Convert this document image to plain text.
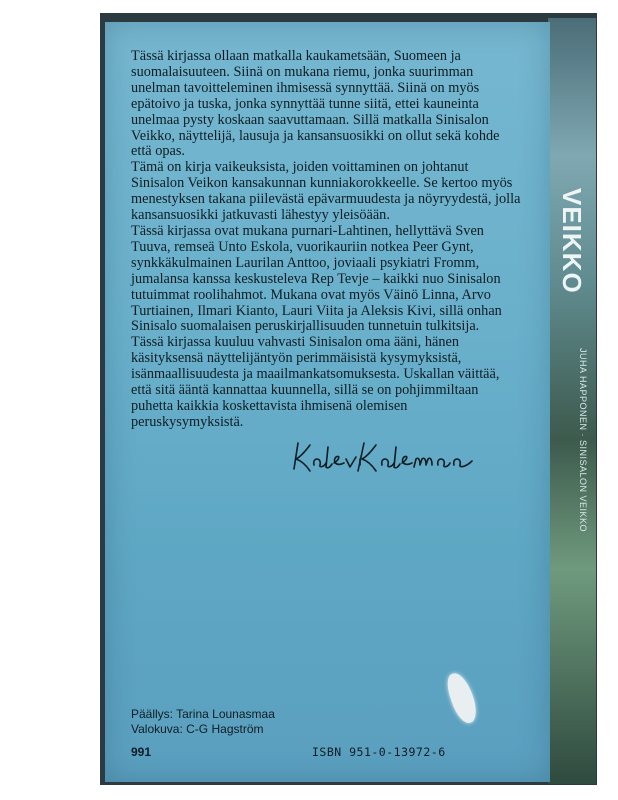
VEIKKO
JUHA HAPPONEN · SINISALON VEIKKO

Tässä kirjassa ollaan matkalla kaukametsään, Suomeen ja suomalaisuuteen. Siinä on mukana riemu, jonka suurimman unelman tavoitteleminen ihmisessä synnyttää. Siinä on myös epätoivo ja tuska, jonka synnyttää tunne siitä, ettei kauneinta unelmaa pysty koskaan saavuttamaan. Sillä matkalla Sinisalon Veikko, näyttelijä, lausuja ja kansansuosikki on ollut sekä kohde että opas.

Tämä on kirja vaikeuksista, joiden voittaminen on johtanut Sinisalon Veikon kansakunnan kunniakorokkeelle. Se kertoo myös menestyksen takana piilevästä epävarmuudesta ja nöyryydestä, jolla kansansuosikki jatkuvasti lähestyy yleisöään.

Tässä kirjassa ovat mukana purnari-Lahtinen, hellyttävä Sven Tuuva, remseä Unto Eskola, vuorikauriin notkea Peer Gynt, synkkäkulmainen Laurilan Anttoo, joviaali psykiatri Fromm, jumalansa kanssa keskusteleva Rep Tevje – kaikki nuo Sinisalon tutuimmat roolihahmot. Mukana ovat myös Väinö Linna, Arvo Turtiainen, Ilmari Kianto, Lauri Viita ja Aleksis Kivi, sillä onhan Sinisalo suomalaisen peruskirjallisuuden tunnetuin tulkitsija.

Tässä kirjassa kuuluu vahvasti Sinisalon oma ääni, hänen käsityksensä näyttelijäntyön perimmäisistä kysymyksistä, isänmaallisuudesta ja maailmankatsomuksesta. Uskallan väittää, että sitä ääntä kannattaa kuunnella, sillä se on pohjimmiltaan puhetta kaikkia koskettavista ihmisenä olemisen peruskysymyksistä.

Päällys: Tarina Lounasmaa
Valokuva: C-G Hagström
991	ISBN 951-0-13972-6
